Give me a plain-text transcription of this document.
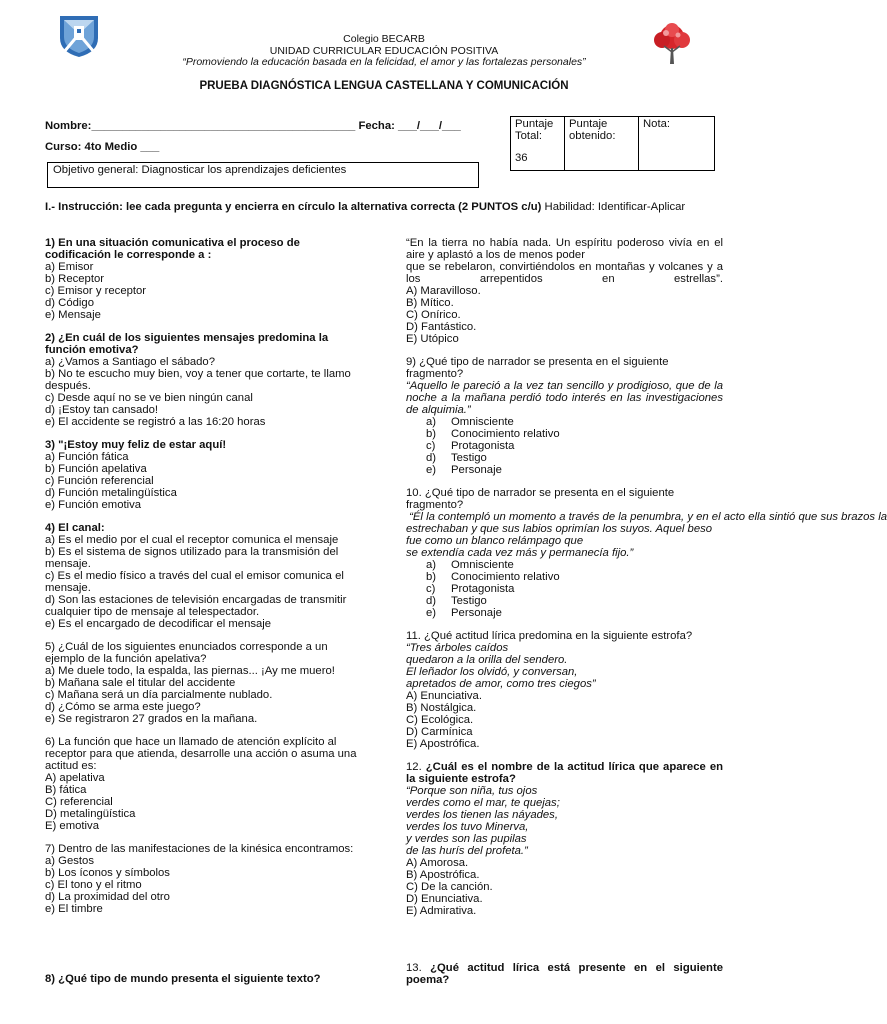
Colegio BECARB
UNIDAD CURRICULAR EDUCACIÓN POSITIVA
“Promoviendo la educación basada en la felicidad, el amor y las fortalezas personales”
PRUEBA DIAGNÓSTICA LENGUA CASTELLANA Y COMUNICACIÓN
Nombre:__________________________________________ Fecha: ___/___/___
Curso: 4to Medio ___
Objetivo general: Diagnosticar los aprendizajes deficientes
Puntaje Total:
36

Puntaje obtenido:

Nota:
I.- Instrucción: lee cada pregunta y encierra en círculo la alternativa correcta (2 PUNTOS c/u) Habilidad: Identificar-Aplicar
1) En una situación comunicativa el proceso de codificación le corresponde a :
a) Emisor
b) Receptor
c) Emisor y receptor
d) Código
e) Mensaje
2) ¿En cuál de los siguientes mensajes predomina la función emotiva?
a) ¿Vamos a Santiago el sábado?
b) No te escucho muy bien, voy a tener que cortarte, te llamo después.
c) Desde aquí no se ve bien ningún canal
d) ¡Estoy tan cansado!
e) El accidente se registró a las 16:20 horas
3) "¡Estoy muy feliz de estar aquí!
a) Función fática
b) Función apelativa
c) Función referencial
d) Función metalingüística
e) Función emotiva
4) El canal:
a) Es el medio por el cual el receptor comunica el mensaje
b) Es el sistema de signos utilizado para la transmisión del mensaje.
c) Es el medio físico a través del cual el emisor comunica el mensaje.
d) Son las estaciones de televisión encargadas de transmitir cualquier tipo de mensaje al telespectador.
e) Es el encargado de decodificar el mensaje
5) ¿Cuál de los siguientes enunciados corresponde a un ejemplo de la función apelativa?
a) Me duele todo, la espalda, las piernas... ¡Ay me muero!
b) Mañana sale el titular del accidente
c) Mañana será un día parcialmente nublado.
d) ¿Cómo se arma este juego?
e) Se registraron 27 grados en la mañana.
6) La función que hace un llamado de atención explícito al receptor para que atienda, desarrolle una acción o asuma una actitud es:
A) apelativa
B) fática
C) referencial
D) metalingüística
E) emotiva
7) Dentro de las manifestaciones de la kinésica encontramos:
a) Gestos
b) Los íconos y símbolos
c) El tono y el ritmo
d) La proximidad del otro
e) El timbre
8) ¿Qué tipo de mundo presenta el siguiente texto?
“En la tierra no había nada. Un espíritu poderoso vivía en el aire y aplastó a los de menos poder
que se rebelaron, convirtiéndolos en montañas y volcanes y a los arrepentidos en estrellas”.
A) Maravilloso.
B) Mítico.
C) Onírico.
D) Fantástico.
E) Utópico
9) ¿Qué tipo de narrador se presenta en el siguiente fragmento?
“Aquello le pareció a la vez tan sencillo y prodigioso, que de la noche a la mañana perdió todo interés en las investigaciones de alquimia.”
a) Omnisciente
b) Conocimiento relativo
c) Protagonista
d) Testigo
e) Personaje
10. ¿Qué tipo de narrador se presenta en el siguiente fragmento?
“Él la contempló un momento a través de la penumbra, y en el acto ella sintió que sus brazos la
estrechaban y que sus labios oprimían los suyos. Aquel beso fue como un blanco relámpago que
se extendía cada vez más y permanecía fijo.”
a) Omnisciente
b) Conocimiento relativo
c) Protagonista
d) Testigo
e) Personaje
11. ¿Qué actitud lírica predomina en la siguiente estrofa?
“Tres árboles caídos
quedaron a la orilla del sendero.
El leñador los olvidó, y conversan,
apretados de amor, como tres ciegos”
A) Enunciativa.
B) Nostálgica.
C) Ecológica.
D) Carmínica
E) Apostrófica.
12. ¿Cuál es el nombre de la actitud lírica que aparece en la siguiente estrofa?
“Porque son niña, tus ojos
verdes como el mar, te quejas;
verdes los tienen las náyades,
verdes los tuvo Minerva,
y verdes son las pupilas
de las hurís del profeta.”
A) Amorosa.
B) Apostrófica.
C) De la canción.
D) Enunciativa.
E) Admirativa.
13. ¿Qué actitud lírica está presente en el siguiente poema?
